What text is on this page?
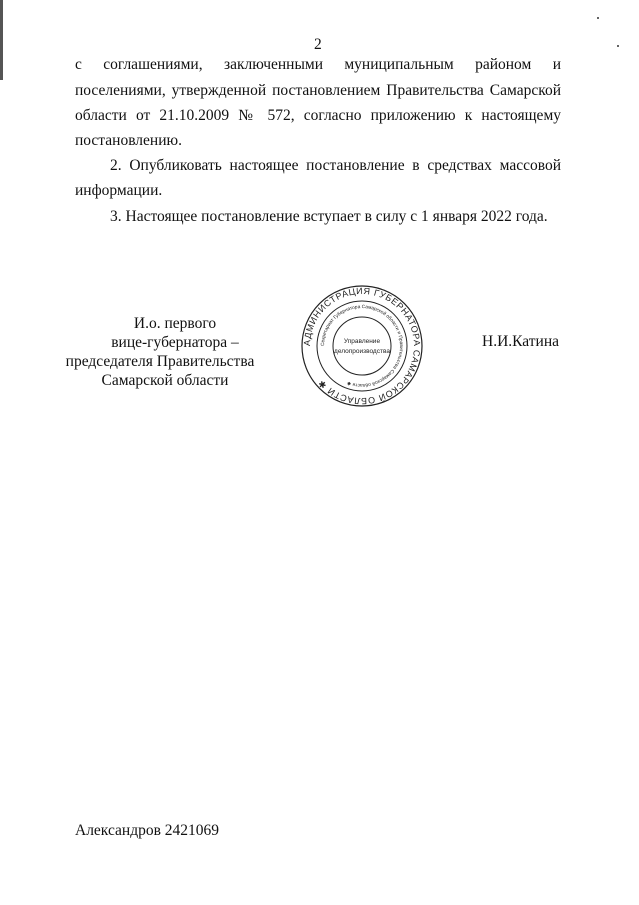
2
с соглашениями, заключенными муниципальным районом и
поселениями, утвержденной постановлением Правительства Самарской
области от 21.10.2009 № 572, согласно приложению к настоящему
постановлению.
2. Опубликовать настоящее постановление в средствах массовой
информации.
3. Настоящее постановление вступает в силу с 1 января 2022 года.
И.о. первого
вице-губернатора –
председателя Правительства
Самарской области
АДМИНИСТРАЦИЯ ГУБЕРНАТОРА САМАРСКОЙ ОБЛАСТИ ✱
Секретариат Губернатора Самарской области и Правительства Самарской области ✱
Управление
делопроизводства
Н.И.Катина
Александров 2421069
